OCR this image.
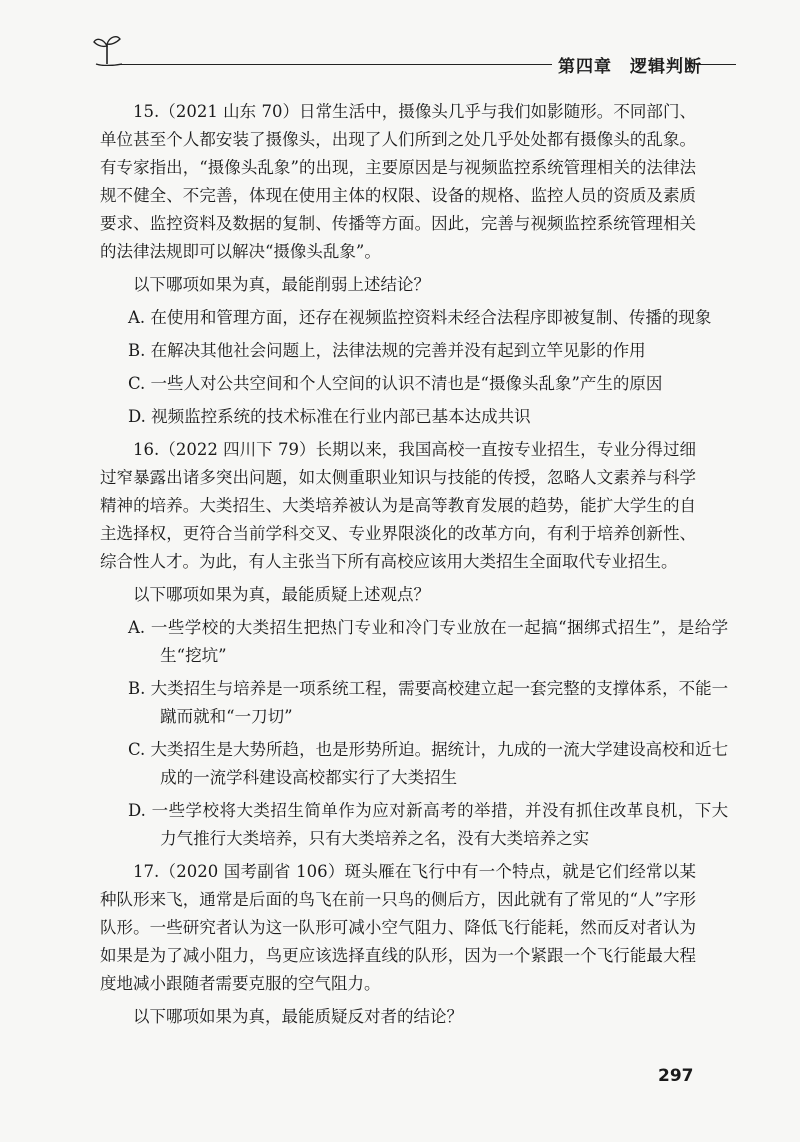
第四章　逻辑判断

15.（2021 山东 70）日常生活中，摄像头几乎与我们如影随形。不同部门、单位甚至个人都安装了摄像头，出现了人们所到之处几乎处处都有摄像头的乱象。有专家指出，“摄像头乱象”的出现，主要原因是与视频监控系统管理相关的法律法规不健全、不完善，体现在使用主体的权限、设备的规格、监控人员的资质及素质要求、监控资料及数据的复制、传播等方面。因此，完善与视频监控系统管理相关的法律法规即可以解决“摄像头乱象”。

以下哪项如果为真，最能削弱上述结论？

A. 在使用和管理方面，还存在视频监控资料未经合法程序即被复制、传播的现象

B. 在解决其他社会问题上，法律法规的完善并没有起到立竿见影的作用

C. 一些人对公共空间和个人空间的认识不清也是“摄像头乱象”产生的原因

D. 视频监控系统的技术标准在行业内部已基本达成共识

16.（2022 四川下 79）长期以来，我国高校一直按专业招生，专业分得过细过窄暴露出诸多突出问题，如太侧重职业知识与技能的传授，忽略人文素养与科学精神的培养。大类招生、大类培养被认为是高等教育发展的趋势，能扩大学生的自主选择权，更符合当前学科交叉、专业界限淡化的改革方向，有利于培养创新性、综合性人才。为此，有人主张当下所有高校应该用大类招生全面取代专业招生。

以下哪项如果为真，最能质疑上述观点？

A. 一些学校的大类招生把热门专业和冷门专业放在一起搞“捆绑式招生”，是给学生“挖坑”

B. 大类招生与培养是一项系统工程，需要高校建立起一套完整的支撑体系，不能一蹴而就和“一刀切”

C. 大类招生是大势所趋，也是形势所迫。据统计，九成的一流大学建设高校和近七成的一流学科建设高校都实行了大类招生

D. 一些学校将大类招生简单作为应对新高考的举措，并没有抓住改革良机，下大力气推行大类培养，只有大类培养之名，没有大类培养之实

17.（2020 国考副省 106）斑头雁在飞行中有一个特点，就是它们经常以某种队形来飞，通常是后面的鸟飞在前一只鸟的侧后方，因此就有了常见的“人”字形队形。一些研究者认为这一队形可减小空气阻力、降低飞行能耗，然而反对者认为如果是为了减小阻力，鸟更应该选择直线的队形，因为一个紧跟一个飞行能最大程度地减小跟随者需要克服的空气阻力。

以下哪项如果为真，最能质疑反对者的结论？

297
